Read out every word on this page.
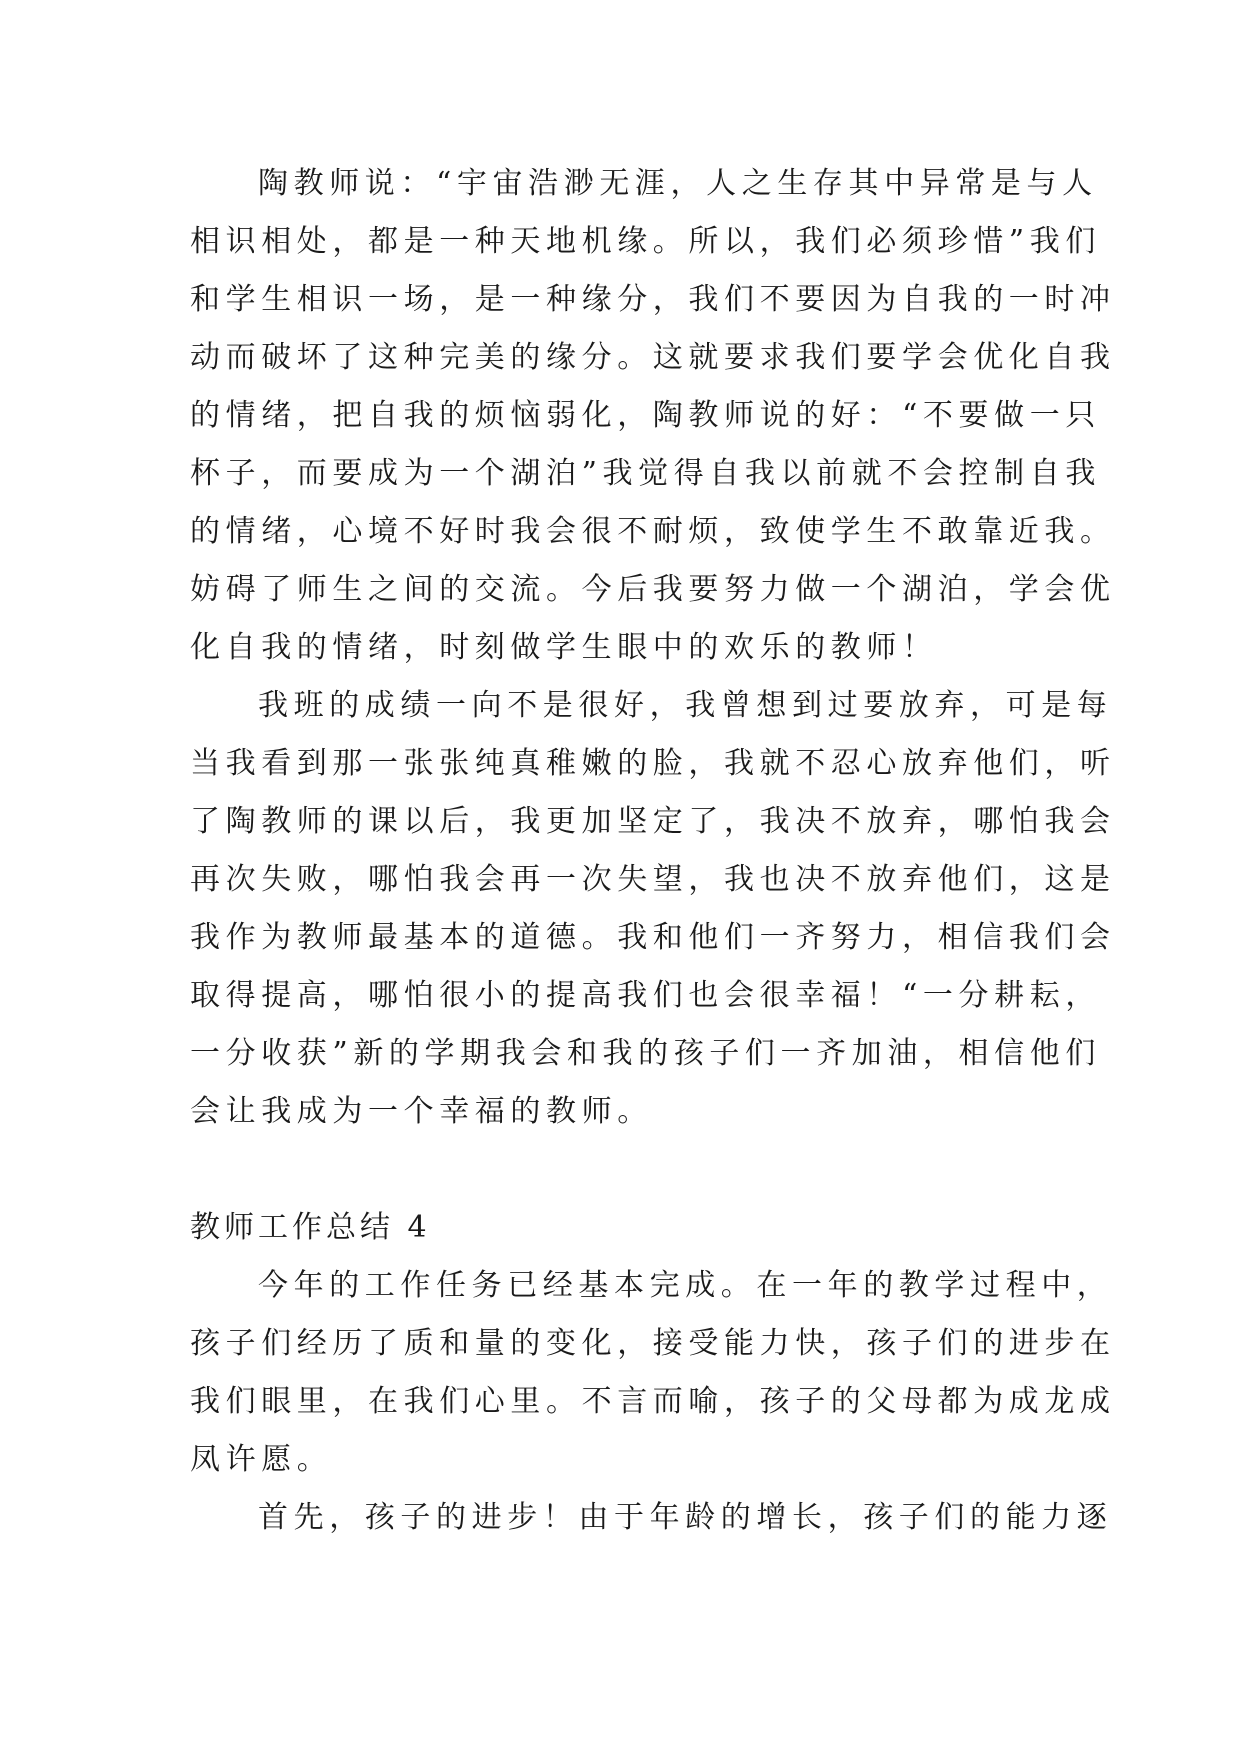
陶教师说：“宇宙浩渺无涯，人之生存其中异常是与人
相识相处，都是一种天地机缘。所以，我们必须珍惜”我们
和学生相识一场，是一种缘分，我们不要因为自我的一时冲
动而破坏了这种完美的缘分。这就要求我们要学会优化自我
的情绪，把自我的烦恼弱化，陶教师说的好：“不要做一只
杯子，而要成为一个湖泊”我觉得自我以前就不会控制自我
的情绪，心境不好时我会很不耐烦，致使学生不敢靠近我。
妨碍了师生之间的交流。今后我要努力做一个湖泊，学会优
化自我的情绪，时刻做学生眼中的欢乐的教师！
我班的成绩一向不是很好，我曾想到过要放弃，可是每
当我看到那一张张纯真稚嫩的脸，我就不忍心放弃他们，听
了陶教师的课以后，我更加坚定了，我决不放弃，哪怕我会
再次失败，哪怕我会再一次失望，我也决不放弃他们，这是
我作为教师最基本的道德。我和他们一齐努力，相信我们会
取得提高，哪怕很小的提高我们也会很幸福！“一分耕耘，
一分收获”新的学期我会和我的孩子们一齐加油，相信他们
会让我成为一个幸福的教师。
教师工作总结 4
今年的工作任务已经基本完成。在一年的教学过程中，
孩子们经历了质和量的变化，接受能力快，孩子们的进步在
我们眼里，在我们心里。不言而喻，孩子的父母都为成龙成
凤许愿。
首先，孩子的进步！由于年龄的增长，孩子们的能力逐
